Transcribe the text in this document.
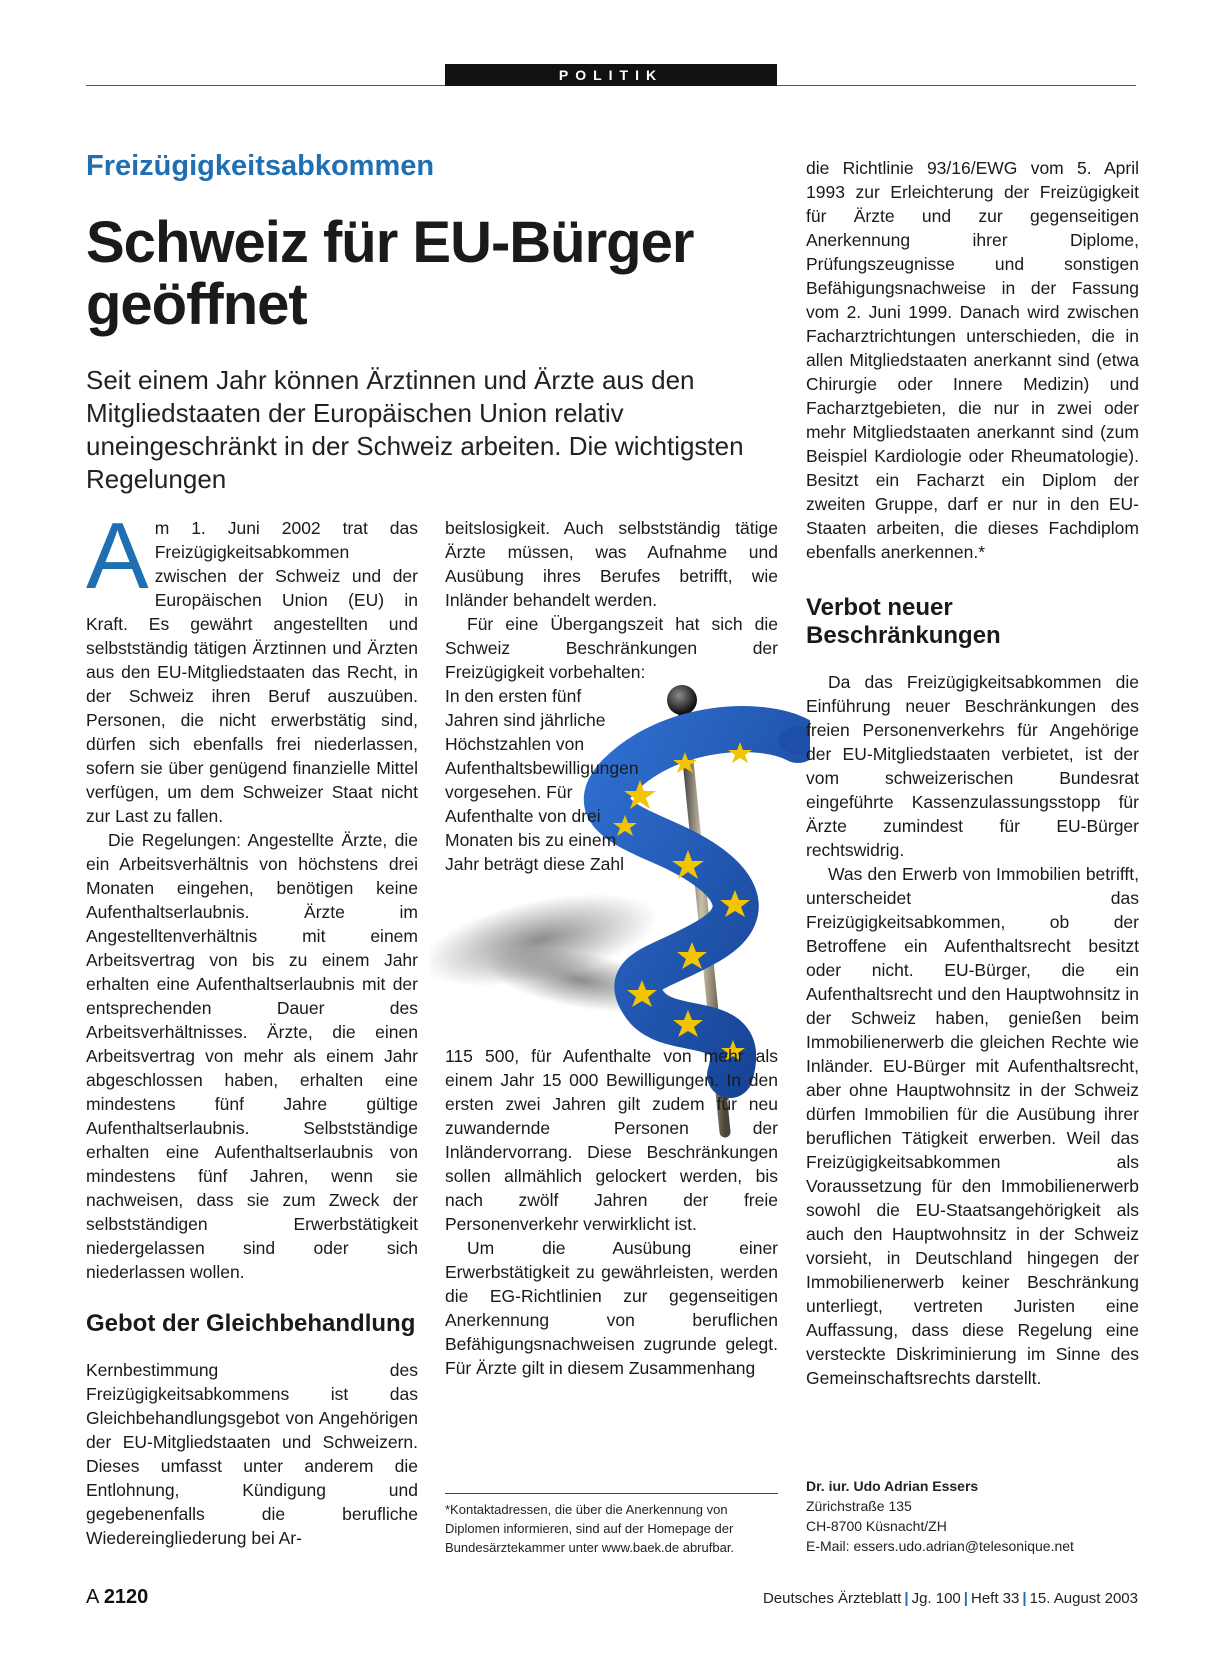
POLITIK
Freizügigkeitsabkommen
Schweiz für EU-Bürger geöffnet
Seit einem Jahr können Ärztinnen und Ärzte aus den Mitgliedstaaten der Europäischen Union relativ uneingeschränkt in der Schweiz arbeiten. Die wichtigsten Regelungen

Am 1. Juni 2002 trat das Freizügigkeitsabkommen zwischen der Schweiz und der Europäischen Union (EU) in Kraft. Es gewährt angestellten und selbstständig tätigen Ärztinnen und Ärzten aus den EU-Mitgliedstaaten das Recht, in der Schweiz ihren Beruf auszuüben. Personen, die nicht erwerbstätig sind, dürfen sich ebenfalls frei niederlassen, sofern sie über genügend finanzielle Mittel verfügen, um dem Schweizer Staat nicht zur Last zu fallen.

Die Regelungen: Angestellte Ärzte, die ein Arbeitsverhältnis von höchstens drei Monaten eingehen, benötigen keine Aufenthaltserlaubnis. Ärzte im Angestelltenverhältnis mit einem Arbeitsvertrag von bis zu einem Jahr erhalten eine Aufenthaltserlaubnis mit der entsprechenden Dauer des Arbeitsverhältnisses. Ärzte, die einen Arbeitsvertrag von mehr als einem Jahr abgeschlossen haben, erhalten eine mindestens fünf Jahre gültige Aufenthaltserlaubnis. Selbstständige erhalten eine Aufenthaltserlaubnis von mindestens fünf Jahren, wenn sie nachweisen, dass sie zum Zweck der selbstständigen Erwerbstätigkeit niedergelassen sind oder sich niederlassen wollen.

Gebot der Gleichbehandlung

Kernbestimmung des Freizügigkeitsabkommens ist das Gleichbehandlungsgebot von Angehörigen der EU-Mitgliedstaaten und Schweizern. Dieses umfasst unter anderem die Entlohnung, Kündigung und gegebenenfalls die berufliche Wiedereingliederung bei Ar-

beitslosigkeit. Auch selbstständig tätige Ärzte müssen, was Aufnahme und Ausübung ihres Berufes betrifft, wie Inländer behandelt werden.

Für eine Übergangszeit hat sich die Schweiz Beschränkungen der Freizügigkeit vorbehalten:

In den ersten fünf Jahren sind jährliche Höchstzahlen von Aufenthaltsbewilligungen vorgesehen. Für Aufenthalte von drei Monaten bis zu einem Jahr beträgt diese Zahl

115 500, für Aufenthalte von mehr als einem Jahr 15 000 Bewilligungen. In den ersten zwei Jahren gilt zudem für neu zuwandernde Personen der Inländervorrang. Diese Beschränkungen sollen allmählich gelockert werden, bis nach zwölf Jahren der freie Personenverkehr verwirklicht ist.

Um die Ausübung einer Erwerbstätigkeit zu gewährleisten, werden die EG-Richtlinien zur gegenseitigen Anerkennung von beruflichen Befähigungsnachweisen zugrunde gelegt. Für Ärzte gilt in diesem Zusammenhang

*Kontaktadressen, die über die Anerkennung von Diplomen informieren, sind auf der Homepage der Bundesärztekammer unter www.baek.de abrufbar.

die Richtlinie 93/16/EWG vom 5. April 1993 zur Erleichterung der Freizügigkeit für Ärzte und zur gegenseitigen Anerkennung ihrer Diplome, Prüfungszeugnisse und sonstigen Befähigungsnachweise in der Fassung vom 2. Juni 1999. Danach wird zwischen Facharztrichtungen unterschieden, die in allen Mitgliedstaaten anerkannt sind (etwa Chirurgie oder Innere Medizin) und Facharztgebieten, die nur in zwei oder mehr Mitgliedstaaten anerkannt sind (zum Beispiel Kardiologie oder Rheumatologie). Besitzt ein Facharzt ein Diplom der zweiten Gruppe, darf er nur in den EU-Staaten arbeiten, die dieses Fachdiplom ebenfalls anerkennen.*

Verbot neuer Beschränkungen

Da das Freizügigkeitsabkommen die Einführung neuer Beschränkungen des freien Personenverkehrs für Angehörige der EU-Mitgliedstaaten verbietet, ist der vom schweizerischen Bundesrat eingeführte Kassenzulassungsstopp für Ärzte zumindest für EU-Bürger rechtswidrig.

Was den Erwerb von Immobilien betrifft, unterscheidet das Freizügigkeitsabkommen, ob der Betroffene ein Aufenthaltsrecht besitzt oder nicht. EU-Bürger, die ein Aufenthaltsrecht und den Hauptwohnsitz in der Schweiz haben, genießen beim Immobilienerwerb die gleichen Rechte wie Inländer. EU-Bürger mit Aufenthaltsrecht, aber ohne Hauptwohnsitz in der Schweiz dürfen Immobilien für die Ausübung ihrer beruflichen Tätigkeit erwerben. Weil das Freizügigkeitsabkommen als Voraussetzung für den Immobilienerwerb sowohl die EU-Staatsangehörigkeit als auch den Hauptwohnsitz in der Schweiz vorsieht, in Deutschland hingegen der Immobilienerwerb keiner Beschränkung unterliegt, vertreten Juristen eine Auffassung, dass diese Regelung eine versteckte Diskriminierung im Sinne des Gemeinschaftsrechts darstellt.

Dr. iur. Udo Adrian Essers
Zürichstraße 135
CH-8700 Küsnacht/ZH
E-Mail: essers.udo.adrian@telesonique.net
A 2120	Deutsches Ärzteblatt | Jg. 100 | Heft 33 | 15. August 2003
